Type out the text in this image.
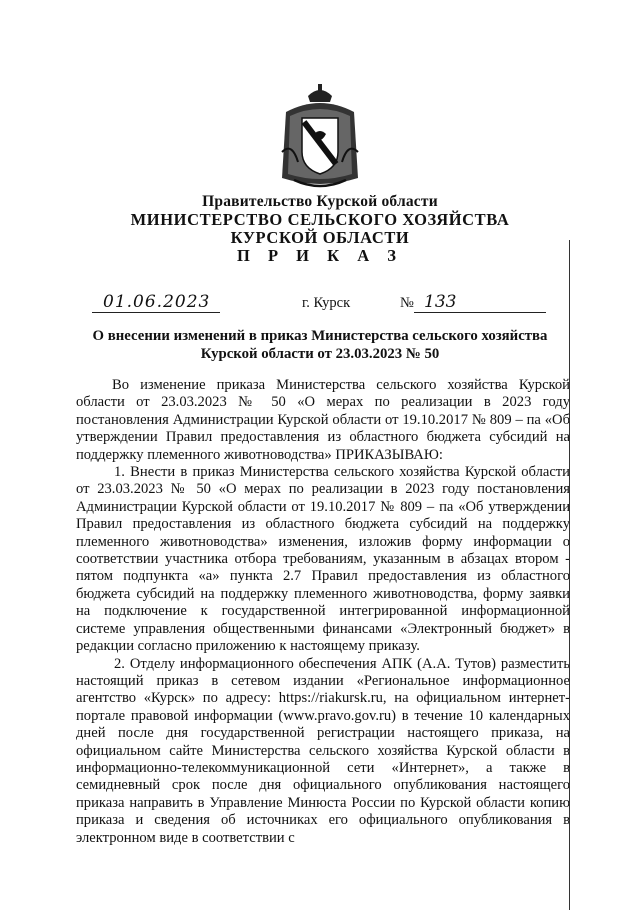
Правительство Курской области
МИНИСТЕРСТВО СЕЛЬСКОГО ХОЗЯЙСТВА
КУРСКОЙ ОБЛАСТИ
П Р И К А З
01.06.2023	г. Курск	№ 133
О внесении изменений в приказ Министерства сельского хозяйства
Курской области от 23.03.2023 № 50

Во изменение приказа Министерства сельского хозяйства Курской области от 23.03.2023 № 50 «О мерах по реализации в 2023 году постановления Администрации Курской области от 19.10.2017 № 809 – па «Об утверждении Правил предоставления из областного бюджета субсидий на поддержку племенного животноводства» ПРИКАЗЫВАЮ:

1. Внести в приказ Министерства сельского хозяйства Курской области от 23.03.2023 № 50 «О мерах по реализации в 2023 году постановления Администрации Курской области от 19.10.2017 № 809 – па «Об утверждении Правил предоставления из областного бюджета субсидий на поддержку племенного животноводства» изменения, изложив форму информации о соответствии участника отбора требованиям, указанным в абзацах втором - пятом подпункта «а» пункта 2.7 Правил предоставления из областного бюджета субсидий на поддержку племенного животноводства, форму заявки на подключение к государственной интегрированной информационной системе управления общественными финансами «Электронный бюджет» в редакции согласно приложению к настоящему приказу.

2. Отделу информационного обеспечения АПК (А.А. Тутов) разместить настоящий приказ в сетевом издании «Региональное информационное агентство «Курск» по адресу: https://riakursk.ru, на официальном интернет-портале правовой информации (www.pravo.gov.ru) в течение 10 календарных дней после дня государственной регистрации настоящего приказа, на официальном сайте Министерства сельского хозяйства Курской области в информационно-телекоммуникационной сети «Интернет», а также в семидневный срок после дня официального опубликования настоящего приказа направить в Управление Минюста России по Курской области копию приказа и сведения об источниках его официального опубликования в электронном виде в соответствии с
